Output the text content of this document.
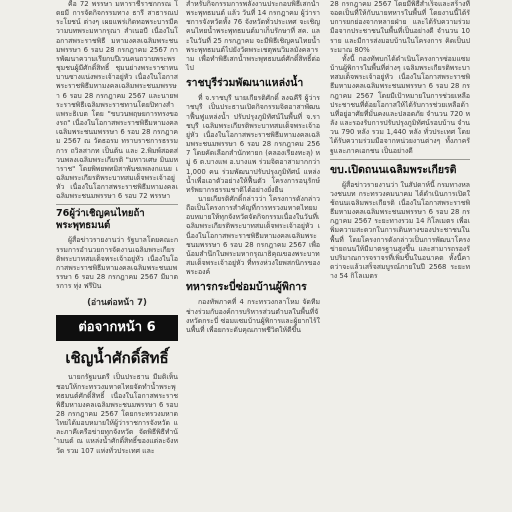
คือ 72 พรรษา มหาราชีราชกกรณ โดยมี การจัดกิจกรรมทาง ธารี สาธารณประโยชน์ ต่างๆ เผยแพร่เกิดทอพระบารมีความบทพระมหากรุณา สำเนอบี เนื่องในโอกาสพระราชพิธี มหามงคลเฉลิมพระชนมพรรษา 6 รอบ 28 กรกฎาคม 2567 การพัฒนาความเรียกบปีเวนคนถวายพระพรชุมชนผู้มีศักดิ์สิทธิ์ ชุมนย่างพระราชาหนบานซางแน่งพระเจ้าอยู่หัว เนื่องในโอกาสพระราชพิธีมหามงคลเฉลิมพระชนมพรรษา 6 รอบ 28 กรกฎาคม 2567 และนายพระราชพิธีเฉลิมพระราชทานโดยปิทางสำแพระธิเบต โดย "ขบวนพฤษยการทรงของรถ" เนื่องในโอกาสพระราชพิธีมหามงคลเฉลิมพระชนมพรรษา 6 รอบ 28 กรกฎาคม 2567 ณ วัดธอรม ทราบราชการธรรมการ ถวิลสากท เป็นต้น และ 2.พิมพ์สอดส่วนพลงเฉลิมพระเกียรติ "มหาวเศษ มินมหาราช" โดยพิพยพทมิสาพันชเพลงกแนย เฉลิมพระเกียรติพระบาทสมเด็จพระเจ้าอยู่หัว เนื่องในโอกาสพระราชพิธีมหามงคลเฉลิมพระชนมพรรษา 6 รอบ 72 พรรษา

76ผู้ว่าเชิญคนไทยถ้าพระพุทธมนต์

ผู้สื่อข่าวรายงานว่า รัฐบาลโดยคณะกรรมการอำนวยการจัดงานเฉลิมพระเกียรติพระบาทสมเด็จพระเจ้าอยู่หัว เนื่องในโอกาสพระราชพิธีมหามงคลเฉลิมพระชนมพรรษา 6 รอบ 28 กรกฎาคม 2567 มีมาตรการ ทุ่ง ฟรีปิน

(อ่านต่อหน้า 7)

ต่อจากหน้า 6

เชิญน้ำศักดิ์สิทธิ์

นายกรัฐมนตรี เป็นประธาน มีมติเห็นชอบให้กระทรวงมหาดไทยจัดทำน้ำพระพุทธมนต์ศักดิ์สิทธิ์ เนื่องในโอกาสพระราชพิธีมหามงคลเฉลิมพระชนมพรรษา 6 รอบ 28 กรกฎาคม 2567 โดยกระทรวงมหาดไทยได้มอบหมายให้ผู้ว่าราชการจังหวัด และภาคีเครือข่ายทุกจังหวัด จัดพิธีพิธีทำน้ำมนต์ ณ แหล่งน้ำศักดิ์สิทธิ์ของแต่ละจังหวัด รวม 107 แห่งทั่วประเทศ และ

สำหรับกิจกรรมการพลังงานประกอบพิธีเสกน้ำพระพุทธมนต์ แล้ว วันที่ 14 กรกฎาคม ผู้ว่าราชการจังหวัดทั้ง 76 จังหวัดทั่วประเทศ จะเชิญคนไทยน้ำพระพุทธมนต์มาเก็บรักษาที่ สค. และในวันที่ 25 กรกฎาคม จะมีพิธีเชิญคนไทยน้ำพระพุทธมนต์ไปยังวัดพระเชตุพนวิมลมังคลาราม เพื่อทำพิธีเสกน้ำพระพุทธมนต์ศักดิ์สิทธิ์ต่อไป

ราชบุรีร่วมพัฒนาแหล่งน้ำ

ที่ จ.ราชบุรี นายเกียรติศักดิ์ ลงฉคีรี ผู้ว่าราชบุรี เป็นประธานเปิดกิจกรรมจิตอาสาพัฒนาฟื้นฟูแหล่งน้ำ ปรับปรุงภูมิทัศน์ในพื้นที่ จ.ราชบุรี เฉลิมพระเกียรติพระบาทสมเด็จพระเจ้าอยู่หัว เนื่องในโอกาสพระราชพิธีมหามงคลเฉลิมพระชนมพรรษา 6 รอบ 28 กรกฎาคม 2567 โดยคัดเลือกสำนักทายก (คลองเรียงทะลุ) หมู่ 6 ต.บางแพ อ.บางแพ ร่วมจิตอาสามากกว่า 1,000 คน ร่วมพัฒนาปรับปรุงภูมิทัศน์ แหล่งน้ำเพื่อเอาตัวอย่างให้ฟื้นตัว โครงการอนุรักษ์ทรัพยากรธรรมชาติได้อย่างยั่งยืน

นายเกียรติศักดิ์กล่าวว่า โครงการดังกล่าวถือเป็นโครงการสำคัญที่การทรวงมหาดไทยมอบหมายให้ทุกจังหวัดจัดกิจกรรมเนื่องในวันที่เฉลิมพระเกียรติพระบาทสมเด็จพระเจ้าอยู่หัว เนื่องในโอกาสพระราชพิธีมหามงคลเฉลิมพระชนมพรรษา 6 รอบ 28 กรกฎาคม 2567 เพื่อน้อมสำนึกในพระมหากรุณาธิคุณของพระบาทสมเด็จพระเจ้าอยู่หัว ที่ทรงห่วงใยพสกนิกรของพระองค์

ทหารกระบี่ซ่อมบ้านผู้พิการ

กองทัพภาคที่ 4 กระทรวงกลาโหม จัดทีมช่างร่วมกับองค์การบริหารส่วนตำบลในพื้นที่จังหวัดกระบี่ ซ่อมแซมบ้านผู้พิการและผู้ยากไร้ในพื้นที่ เพื่อยกระดับคุณภาพชีวิตให้ดีขึ้น

28 กรกฎาคม 2567 โดยมีพิธีสำเร็จและสร้างที่จอดเป็นที่ให้กับนายทหารในพื้นที่ โดยงานนี้ได้รับการยกย่องจากหลายฝ่าย และได้รับความร่วมมือจากประชาชนในพื้นที่เป็นอย่างดี จำนวน 10 ราย และมีการส่งมอบบ้านในโครงการ คิดเป็นประมาณ 80%

ทั้งนี้ กองทัพบกได้ดำเนินโครงการซ่อมแซมบ้านผู้พิการในพื้นที่ต่างๆ เฉลิมพระเกียรติพระบาทสมเด็จพระเจ้าอยู่หัว เนื่องในโอกาสพระราชพิธีมหามงคลเฉลิมพระชนมพรรษา 6 รอบ 28 กรกฎาคม 2567 โดยมีเป้าหมายในการช่วยเหลือประชาชนที่ด้อยโอกาสให้ได้รับการช่วยเหลือด้านที่อยู่อาศัยที่มั่นคงและปลอดภัย จำนวน 720 หลัง และรองรับการปรับปรุงภูมิทัศน์รอบบ้าน จำนวน 790 หลัง รวม 1,440 หลัง ทั่วประเทศ โดยได้รับความร่วมมือจากหน่วยงานต่างๆ ทั้งภาครัฐและภาคเอกชน เป็นอย่างดี

ขบ.เปิดถนนเฉลิมพระเกียรติ

ผู้สื่อข่าวรายงานว่า ในสัปดาห์นี้ กรมทางหลวงชนบท กระทรวงคมนาคม ได้ดำเนินการเปิดใช้ถนนเฉลิมพระเกียรติ เนื่องในโอกาสพระราชพิธีมหามงคลเฉลิมพระชนมพรรษา 6 รอบ 28 กรกฎาคม 2567 ระยะทางรวม 14 กิโลเมตร เพื่อเพิ่มความสะดวกในการเดินทางของประชาชนในพื้นที่ โดยโครงการดังกล่าวเป็นการพัฒนาโครงข่ายถนนให้มีมาตรฐานสูงขึ้น และสามารถรองรับปริมาณการจราจรที่เพิ่มขึ้นในอนาคต ทั้งนี้คาดว่าจะแล้วเสร็จสมบูรณ์ภายในปี 2568 ระยะทาง 54 กิโลเมตร
